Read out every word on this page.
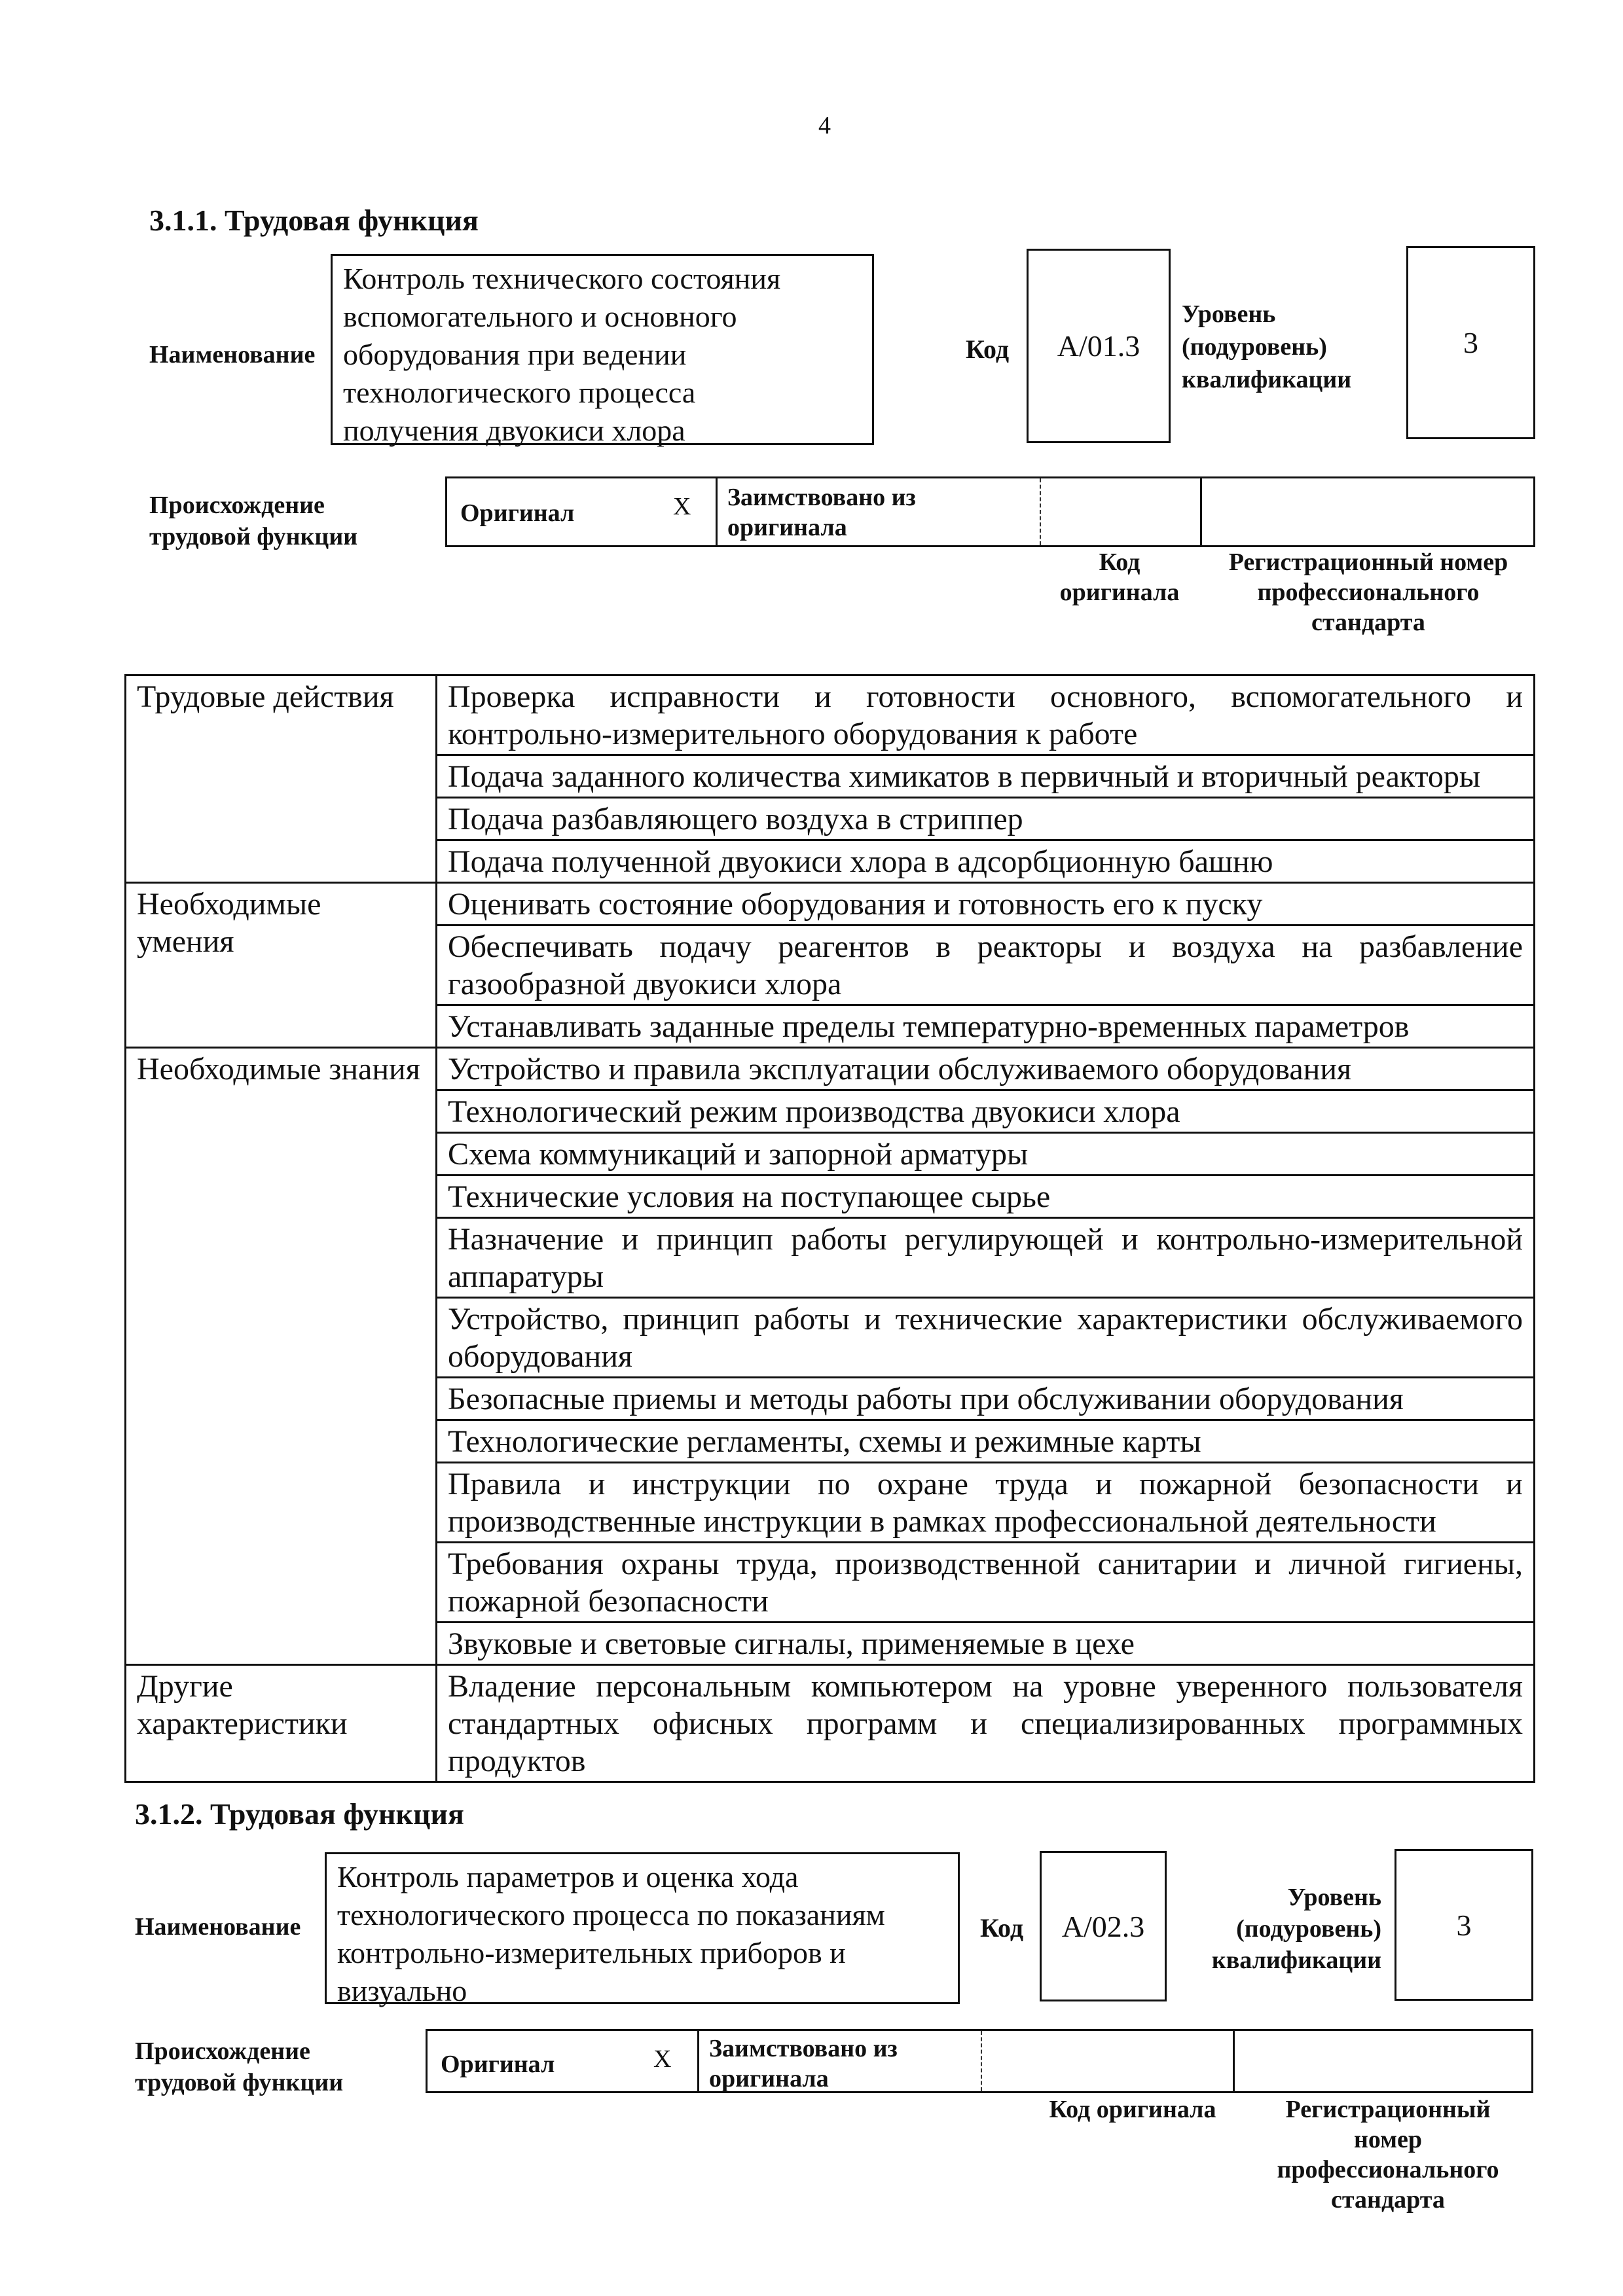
4
3.1.1. Трудовая функция
Наименование
Контроль технического состояния
вспомогательного и основного
оборудования при ведении
технологического процесса
получения двуокиси хлора
Код	А/01.3
Уровень
(подуровень)
квалификации
3
Происхождение
трудовой функции
Оригинал	X	Заимствовано из
оригинала
Код
оригинала
Регистрационный номер
профессионального
стандарта
Трудовые действия	Проверка исправности и готовности основного, вспомогательного и контрольно-измерительного оборудования к работе
	Подача заданного количества химикатов в первичный и вторичный реакторы
	Подача разбавляющего воздуха в стриппер
	Подача полученной двуокиси хлора в адсорбционную башню
Необходимые умения	Оценивать состояние оборудования и готовность его к пуску
	Обеспечивать подачу реагентов в реакторы и воздуха на разбавление газообразной двуокиси хлора
	Устанавливать заданные пределы температурно-временных параметров
Необходимые знания	Устройство и правила эксплуатации обслуживаемого оборудования
	Технологический режим производства двуокиси хлора
	Схема коммуникаций и запорной арматуры
	Технические условия на поступающее сырье
	Назначение и принцип работы регулирующей и контрольно-измерительной аппаратуры
	Устройство, принцип работы и технические характеристики обслуживаемого оборудования
	Безопасные приемы и методы работы при обслуживании оборудования
	Технологические регламенты, схемы и режимные карты
	Правила и инструкции по охране труда и пожарной безопасности и производственные инструкции в рамках профессиональной деятельности
	Требования охраны труда, производственной санитарии и личной гигиены, пожарной безопасности
	Звуковые и световые сигналы, применяемые в цехе
Другие характеристики	Владение персональным компьютером на уровне уверенного пользователя стандартных офисных программ и специализированных программных продуктов
3.1.2. Трудовая функция
Наименование
Контроль параметров и оценка хода
технологического процесса по показаниям
контрольно-измерительных приборов и
визуально
Код	А/02.3
Уровень
(подуровень)
квалификации
3
Происхождение
трудовой функции
Оригинал	X	Заимствовано из
оригинала
Код оригинала	Регистрационный
номер
профессионального
стандарта
